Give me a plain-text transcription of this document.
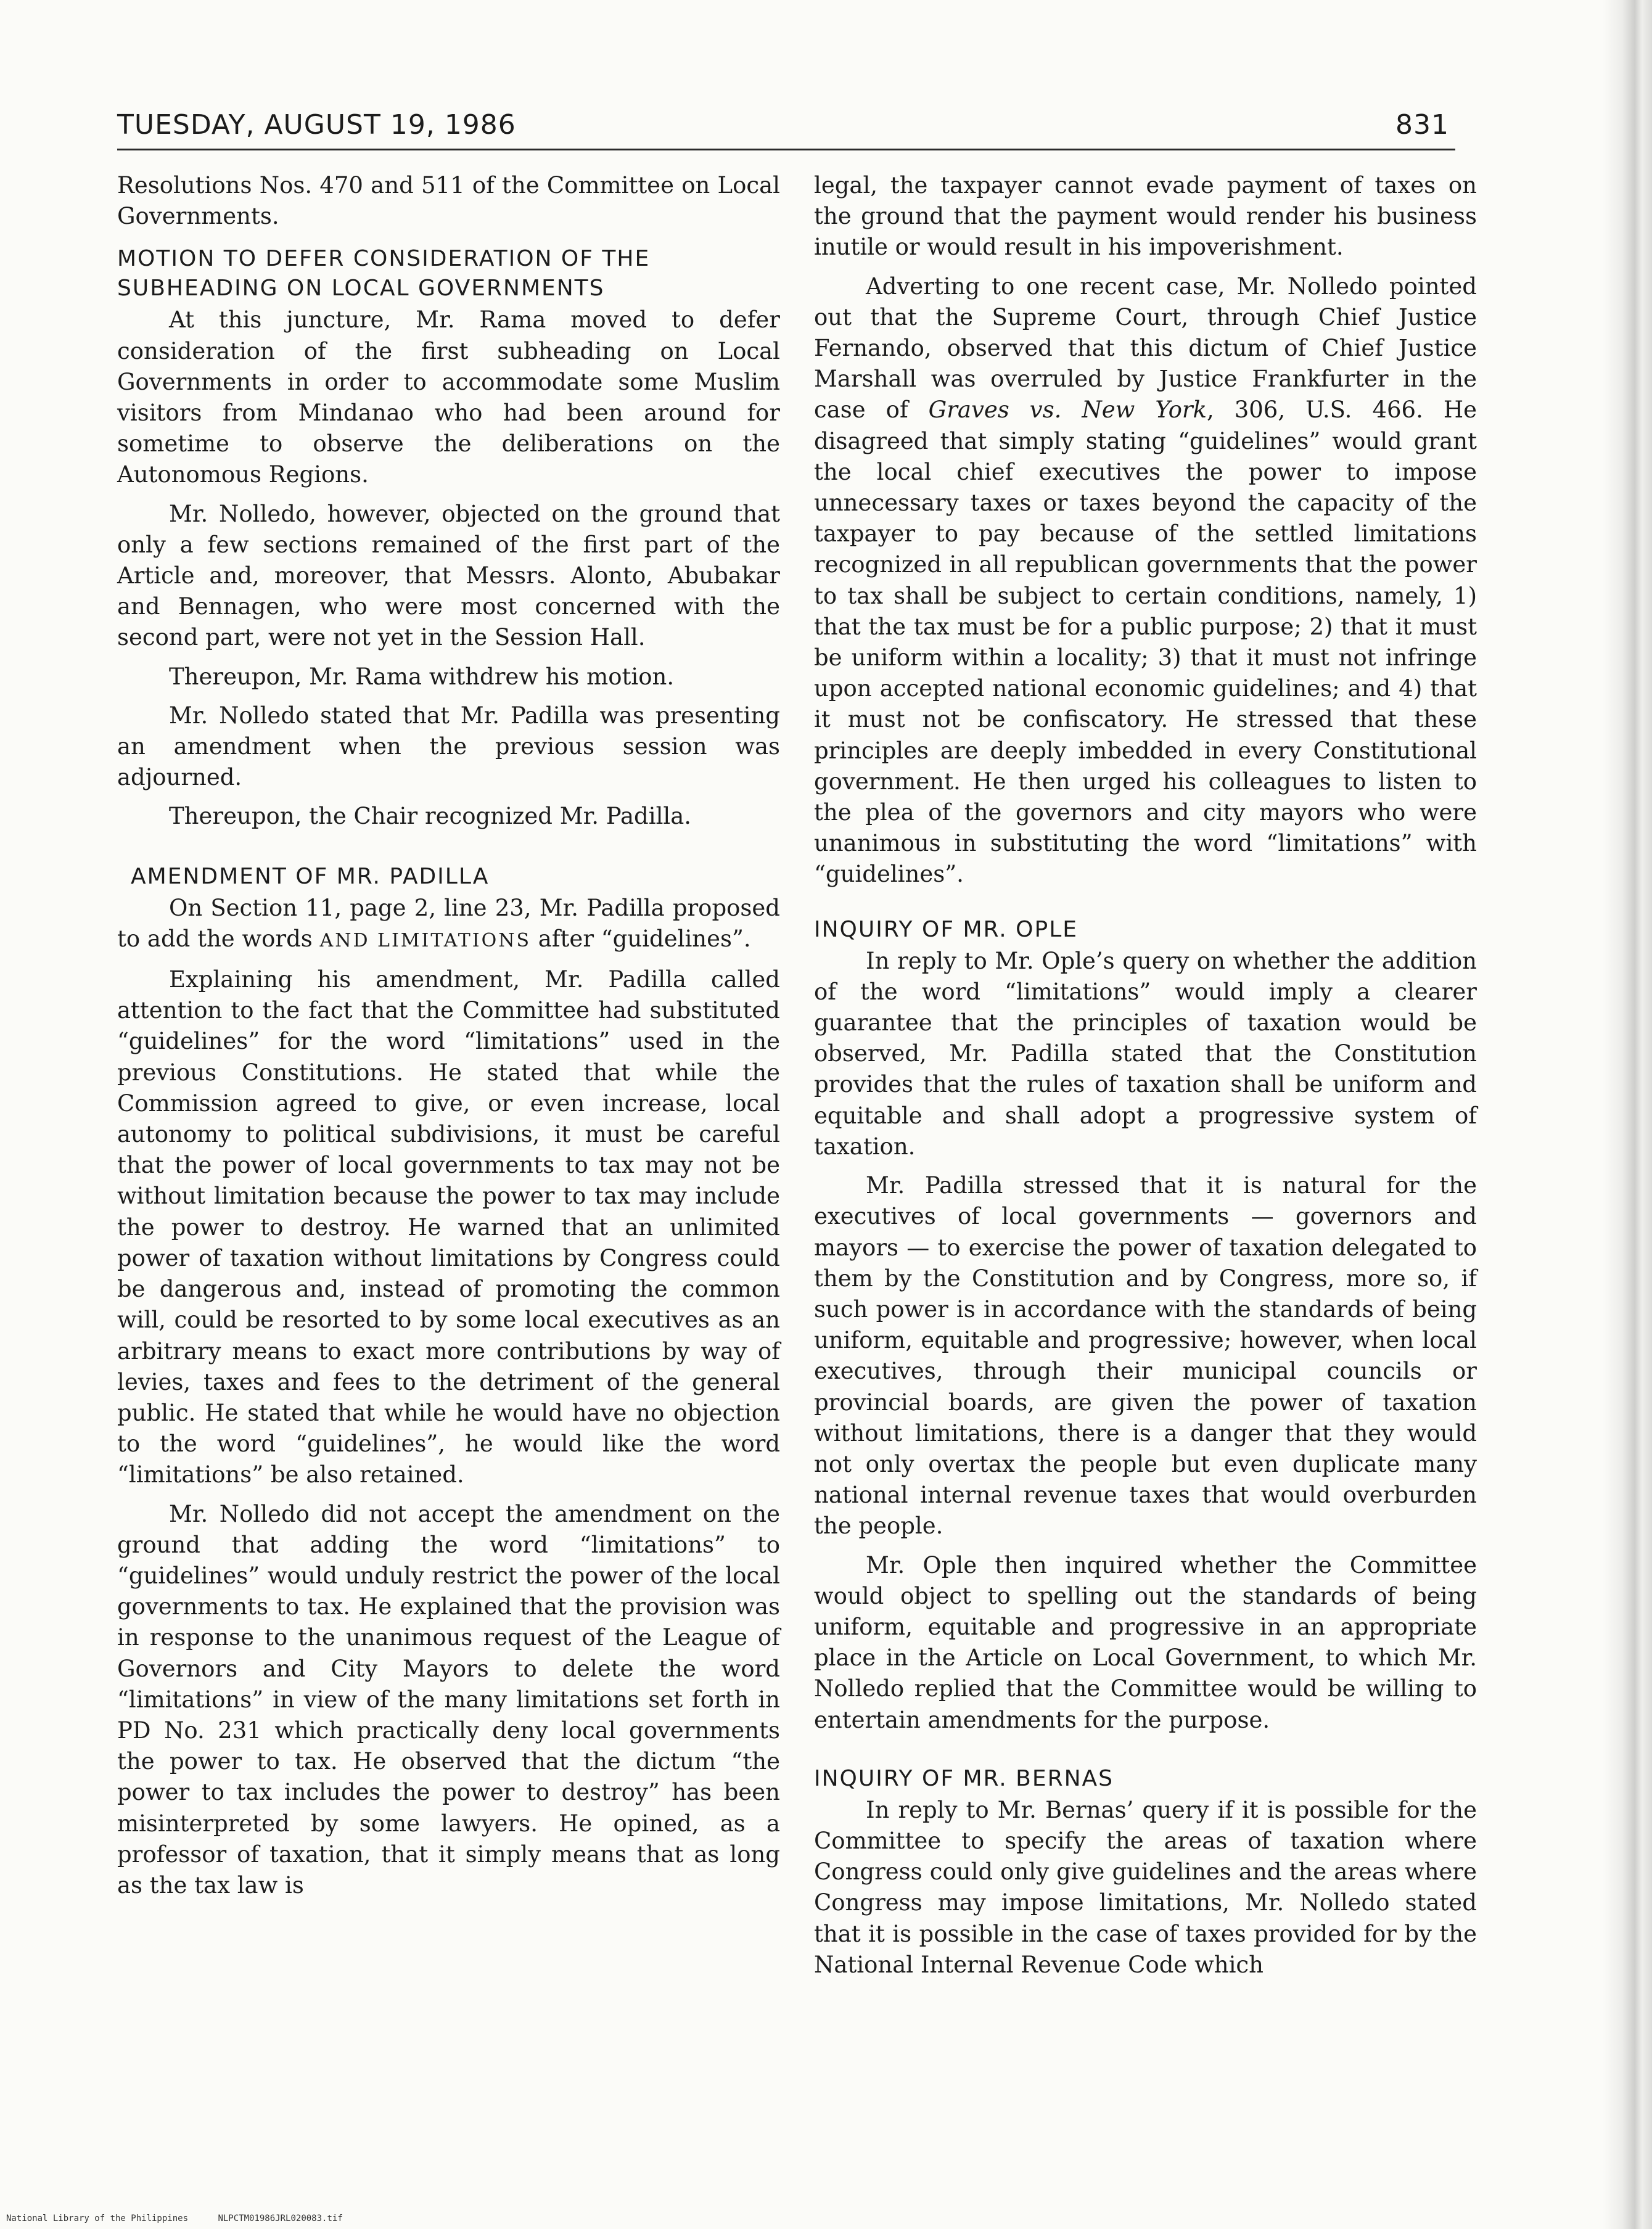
TUESDAY, AUGUST 19, 1986	831

Resolutions Nos. 470 and 511 of the Committee on Local Governments.

MOTION TO DEFER CONSIDERATION OF THE SUBHEADING ON LOCAL GOVERNMENTS

At this juncture, Mr. Rama moved to defer consideration of the first subheading on Local Governments in order to accommodate some Muslim visitors from Mindanao who had been around for sometime to observe the deliberations on the Autonomous Regions.

Mr. Nolledo, however, objected on the ground that only a few sections remained of the first part of the Article and, moreover, that Messrs. Alonto, Abubakar and Bennagen, who were most concerned with the second part, were not yet in the Session Hall.

Thereupon, Mr. Rama withdrew his motion.

Mr. Nolledo stated that Mr. Padilla was presenting an amendment when the previous session was adjourned.

Thereupon, the Chair recognized Mr. Padilla.

AMENDMENT OF MR. PADILLA

On Section 11, page 2, line 23, Mr. Padilla proposed to add the words AND LIMITATIONS after “guidelines”.

Explaining his amendment, Mr. Padilla called attention to the fact that the Committee had substituted “guidelines” for the word “limitations” used in the previous Constitutions. He stated that while the Commission agreed to give, or even increase, local autonomy to political subdivisions, it must be careful that the power of local governments to tax may not be without limitation because the power to tax may include the power to destroy. He warned that an unlimited power of taxation without limitations by Congress could be dangerous and, instead of promoting the common will, could be resorted to by some local executives as an arbitrary means to exact more contributions by way of levies, taxes and fees to the detriment of the general public. He stated that while he would have no objection to the word “guidelines”, he would like the word “limitations” be also retained.

Mr. Nolledo did not accept the amendment on the ground that adding the word “limitations” to “guidelines” would unduly restrict the power of the local governments to tax. He explained that the provision was in response to the unanimous request of the League of Governors and City Mayors to delete the word “limitations” in view of the many limitations set forth in PD No. 231 which practically deny local governments the power to tax. He observed that the dictum “the power to tax includes the power to destroy” has been misinterpreted by some lawyers. He opined, as a professor of taxation, that it simply means that as long as the tax law is

legal, the taxpayer cannot evade payment of taxes on the ground that the payment would render his business inutile or would result in his impoverishment.

Adverting to one recent case, Mr. Nolledo pointed out that the Supreme Court, through Chief Justice Fernando, observed that this dictum of Chief Justice Marshall was overruled by Justice Frankfurter in the case of Graves vs. New York, 306, U.S. 466. He disagreed that simply stating “guidelines” would grant the local chief executives the power to impose unnecessary taxes or taxes beyond the capacity of the taxpayer to pay because of the settled limitations recognized in all republican governments that the power to tax shall be subject to certain conditions, namely, 1) that the tax must be for a public purpose; 2) that it must be uniform within a locality; 3) that it must not infringe upon accepted national economic guidelines; and 4) that it must not be confiscatory. He stressed that these principles are deeply imbedded in every Constitutional government. He then urged his colleagues to listen to the plea of the governors and city mayors who were unanimous in substituting the word “limitations” with “guidelines”.

INQUIRY OF MR. OPLE

In reply to Mr. Ople’s query on whether the addition of the word “limitations” would imply a clearer guarantee that the principles of taxation would be observed, Mr. Padilla stated that the Constitution provides that the rules of taxation shall be uniform and equitable and shall adopt a progressive system of taxation.

Mr. Padilla stressed that it is natural for the executives of local governments — governors and mayors — to exercise the power of taxation delegated to them by the Constitution and by Congress, more so, if such power is in accordance with the standards of being uniform, equitable and progressive; however, when local executives, through their municipal councils or provincial boards, are given the power of taxation without limitations, there is a danger that they would not only overtax the people but even duplicate many national internal revenue taxes that would overburden the people.

Mr. Ople then inquired whether the Committee would object to spelling out the standards of being uniform, equitable and progressive in an appropriate place in the Article on Local Government, to which Mr. Nolledo replied that the Committee would be willing to entertain amendments for the purpose.

INQUIRY OF MR. BERNAS

In reply to Mr. Bernas’ query if it is possible for the Committee to specify the areas of taxation where Congress could only give guidelines and the areas where Congress may impose limitations, Mr. Nolledo stated that it is possible in the case of taxes provided for by the National Internal Revenue Code which

National Library of the Philippines	NLPCTM01986JRL020083.tif
